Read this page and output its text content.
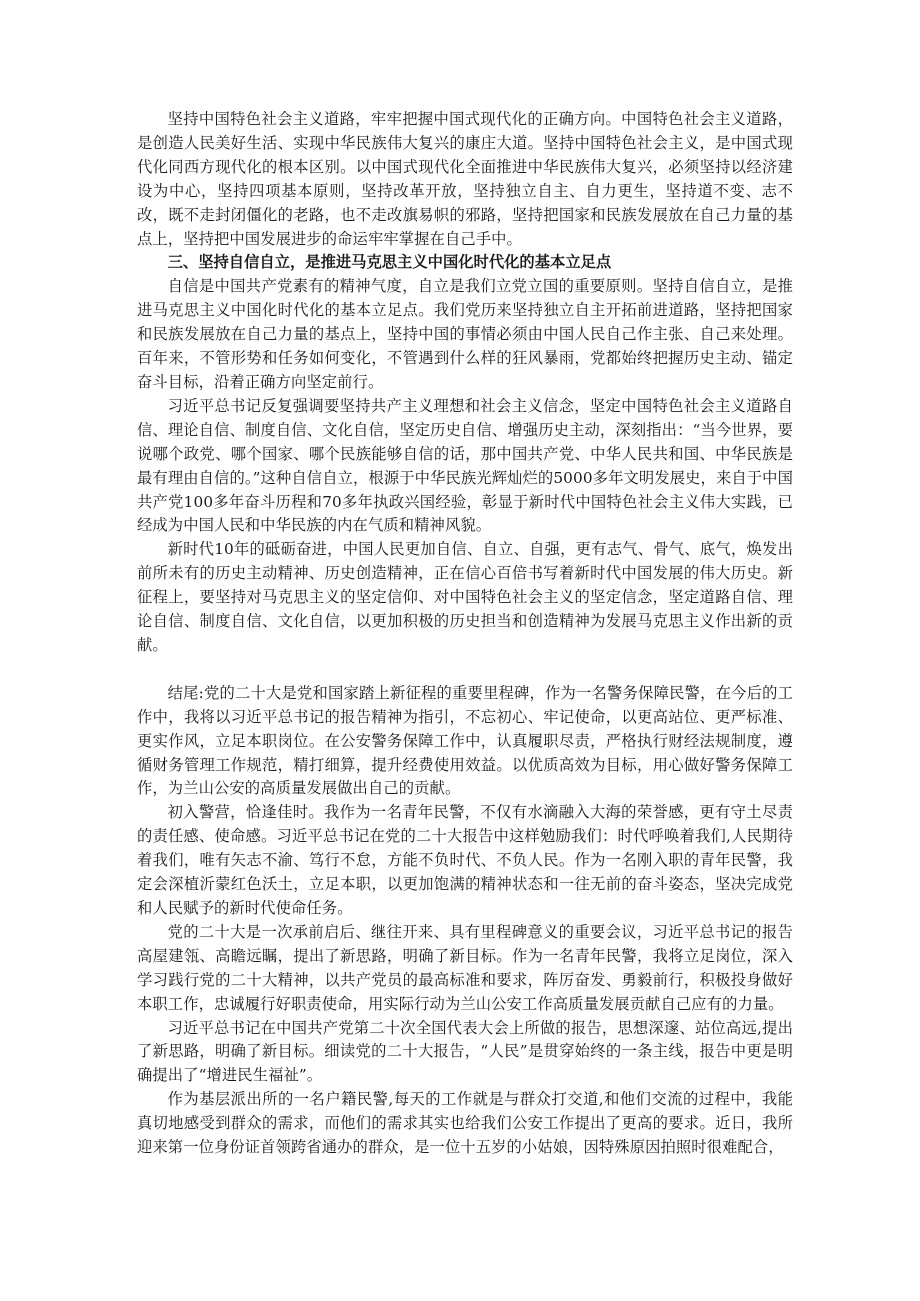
坚持中国特色社会主义道路，牢牢把握中国式现代化的正确方向。中国特色社会主义道路，是创造人民美好生活、实现中华民族伟大复兴的康庄大道。坚持中国特色社会主义，是中国式现代化同西方现代化的根本区别。以中国式现代化全面推进中华民族伟大复兴，必须坚持以经济建设为中心，坚持四项基本原则，坚持改革开放，坚持独立自主、自力更生，坚持道不变、志不改，既不走封闭僵化的老路，也不走改旗易帜的邪路，坚持把国家和民族发展放在自己力量的基点上，坚持把中国发展进步的命运牢牢掌握在自己手中。

三、坚持自信自立，是推进马克思主义中国化时代化的基本立足点

自信是中国共产党素有的精神气度，自立是我们立党立国的重要原则。坚持自信自立，是推进马克思主义中国化时代化的基本立足点。我们党历来坚持独立自主开拓前进道路，坚持把国家和民族发展放在自己力量的基点上，坚持中国的事情必须由中国人民自己作主张、自己来处理。百年来，不管形势和任务如何变化，不管遇到什么样的狂风暴雨，党都始终把握历史主动、锚定奋斗目标，沿着正确方向坚定前行。

习近平总书记反复强调要坚持共产主义理想和社会主义信念，坚定中国特色社会主义道路自信、理论自信、制度自信、文化自信，坚定历史自信、增强历史主动，深刻指出：“当今世界，要说哪个政党、哪个国家、哪个民族能够自信的话，那中国共产党、中华人民共和国、中华民族是最有理由自信的。”这种自信自立，根源于中华民族光辉灿烂的5000多年文明发展史，来自于中国共产党100多年奋斗历程和70多年执政兴国经验，彰显于新时代中国特色社会主义伟大实践，已经成为中国人民和中华民族的内在气质和精神风貌。

新时代10年的砥砺奋进，中国人民更加自信、自立、自强，更有志气、骨气、底气，焕发出前所未有的历史主动精神、历史创造精神，正在信心百倍书写着新时代中国发展的伟大历史。新征程上，要坚持对马克思主义的坚定信仰、对中国特色社会主义的坚定信念，坚定道路自信、理论自信、制度自信、文化自信，以更加积极的历史担当和创造精神为发展马克思主义作出新的贡献。

结尾:党的二十大是党和国家踏上新征程的重要里程碑，作为一名警务保障民警，在今后的工作中，我将以习近平总书记的报告精神为指引，不忘初心、牢记使命，以更高站位、更严标准、更实作风，立足本职岗位。在公安警务保障工作中，认真履职尽责，严格执行财经法规制度，遵循财务管理工作规范，精打细算，提升经费使用效益。以优质高效为目标，用心做好警务保障工作，为兰山公安的高质量发展做出自己的贡献。

初入警营，恰逢佳时。我作为一名青年民警，不仅有水滴融入大海的荣誉感，更有守土尽责的责任感、使命感。习近平总书记在党的二十大报告中这样勉励我们：时代呼唤着我们,人民期待着我们，唯有矢志不渝、笃行不怠，方能不负时代、不负人民。作为一名刚入职的青年民警，我定会深植沂蒙红色沃土，立足本职，以更加饱满的精神状态和一往无前的奋斗姿态，坚决完成党和人民赋予的新时代使命任务。

党的二十大是一次承前启后、继往开来、具有里程碑意义的重要会议，习近平总书记的报告高屋建瓴、高瞻远瞩，提出了新思路，明确了新目标。作为一名青年民警，我将立足岗位，深入学习践行党的二十大精神，以共产党员的最高标准和要求，阵厉奋发、勇毅前行，积极投身做好本职工作，忠诚履行好职责使命，用实际行动为兰山公安工作高质量发展贡献自己应有的力量。

习近平总书记在中国共产党第二十次全国代表大会上所做的报告，思想深邃、站位高远,提出了新思路，明确了新目标。细读党的二十大报告，“人民”是贯穿始终的一条主线，报告中更是明确提出了“增进民生福祉”。

作为基层派出所的一名户籍民警,每天的工作就是与群众打交道,和他们交流的过程中，我能真切地感受到群众的需求，而他们的需求其实也给我们公安工作提出了更高的要求。近日，我所迎来第一位身份证首领跨省通办的群众，是一位十五岁的小姑娘，因特殊原因拍照时很难配合，
